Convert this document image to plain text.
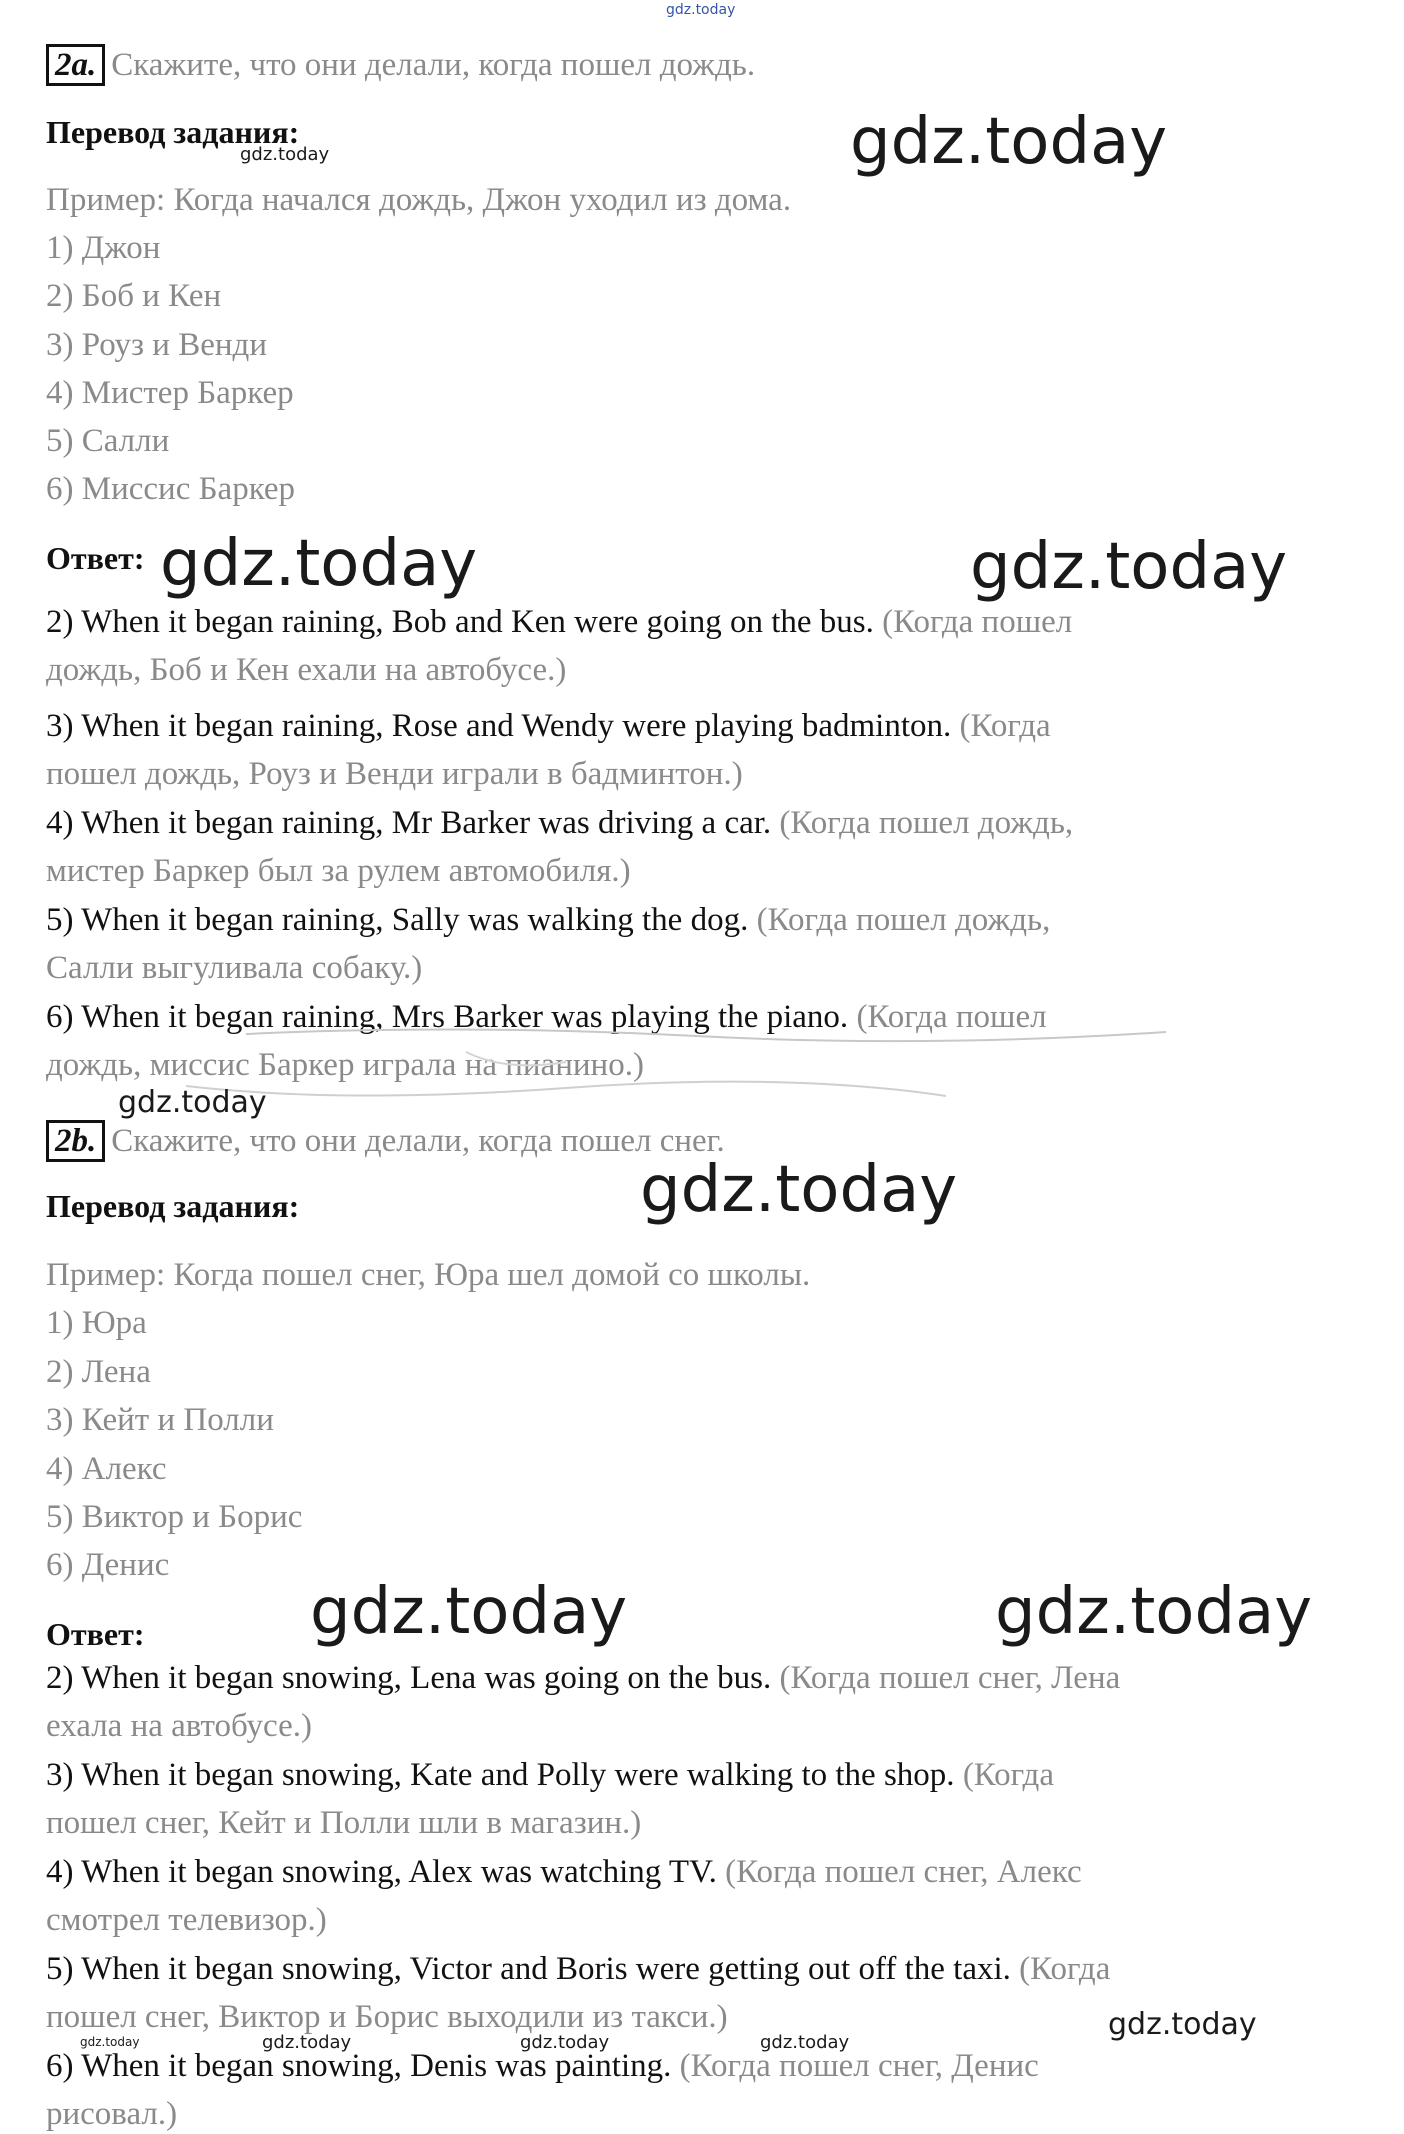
gdz.today
2a. Скажите, что они делали, когда пошел дождь.
Перевод задания:
Пример: Когда начался дождь, Джон уходил из дома.
1) Джон
2) Боб и Кен
3) Роуз и Венди
4) Мистер Баркер
5) Салли
6) Миссис Баркер
Ответ:
2) When it began raining, Bob and Ken were going on the bus. (Когда пошел
дождь, Боб и Кен ехали на автобусе.)
3) When it began raining, Rose and Wendy were playing badminton. (Когда
пошел дождь, Роуз и Венди играли в бадминтон.)
4) When it began raining, Mr Barker was driving a car. (Когда пошел дождь,
мистер Баркер был за рулем автомобиля.)
5) When it began raining, Sally was walking the dog. (Когда пошел дождь,
Салли выгуливала собаку.)
6) When it began raining, Mrs Barker was playing the piano. (Когда пошел
дождь, миссис Баркер играла на пианино.)
2b. Скажите, что они делали, когда пошел снег.
Перевод задания:
Пример: Когда пошел снег, Юра шел домой со школы.
1) Юра
2) Лена
3) Кейт и Полли
4) Алекс
5) Виктор и Борис
6) Денис
Ответ:
2) When it began snowing, Lena was going on the bus. (Когда пошел снег, Лена
ехала на автобусе.)
3) When it began snowing, Kate and Polly were walking to the shop. (Когда
пошел снег, Кейт и Полли шли в магазин.)
4) When it began snowing, Alex was watching TV. (Когда пошел снег, Алекс
смотрел телевизор.)
5) When it began snowing, Victor and Boris were getting out off the taxi. (Когда
пошел снег, Виктор и Борис выходили из такси.)
6) When it began snowing, Denis was painting. (Когда пошел снег, Денис
рисовал.)
gdz.today
gdz.today
gdz.today	gdz.today
gdz.today
gdz.today
gdz.today	gdz.today
gdz.today
gdz.today	gdz.today	gdz.today	gdz.today
